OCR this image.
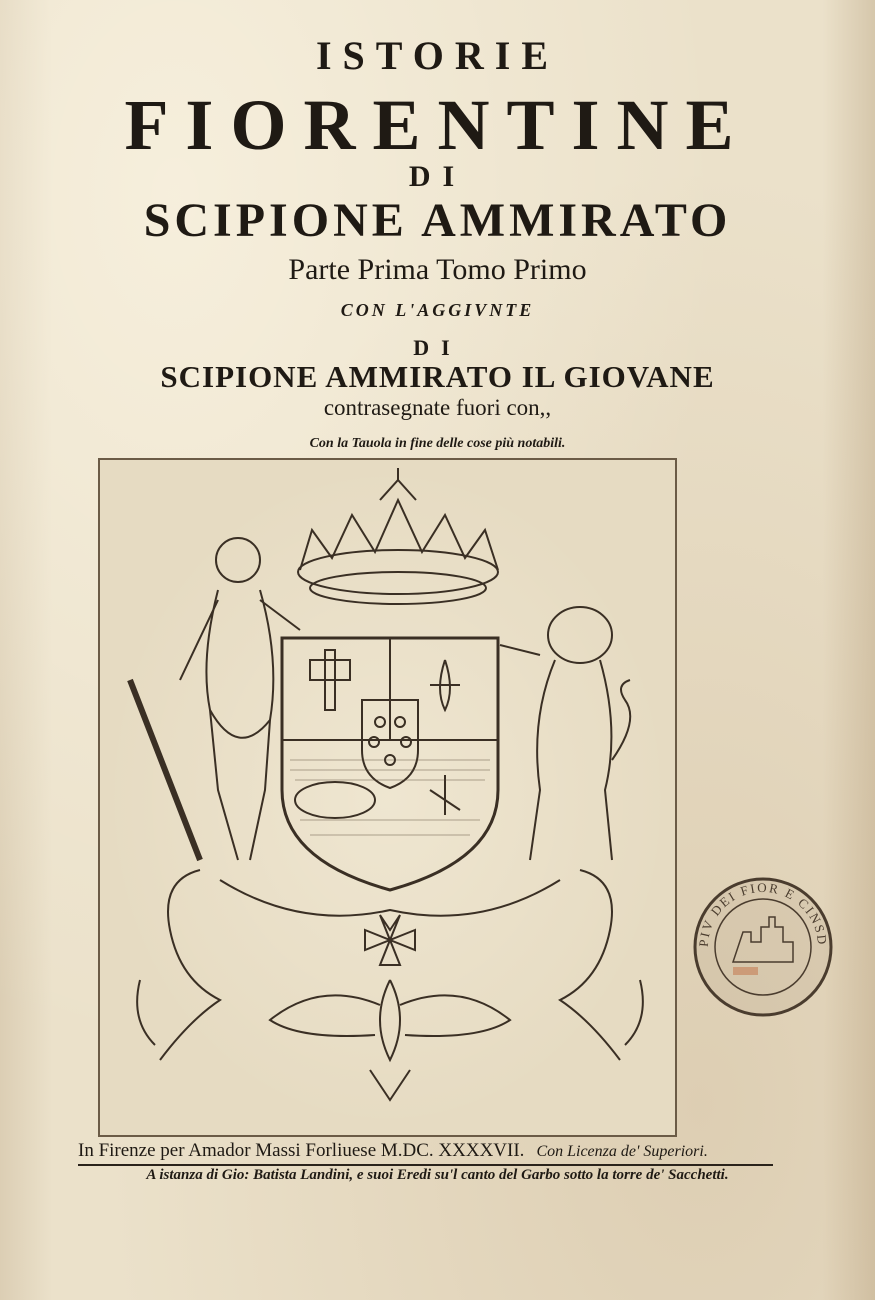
ISTORIE
FIORENTINE
DI
SCIPIONE AMMIRATO
Parte Prima Tomo Primo
CON L'AGGIVNTE
DI
SCIPIONE AMMIRATO IL GIOVANE
contrasegnate fuori con,,
Con la Tauola in fine delle cose più notabili.
In Firenze per Amador Massi Forliuese M.DC. XXXXVII. Con Licenza de' Superiori.
A istanza di Gio: Batista Landini, e suoi Eredi su'l canto del Garbo sotto la torre de' Sacchetti.
PIV DEI FIOR E CINSD
